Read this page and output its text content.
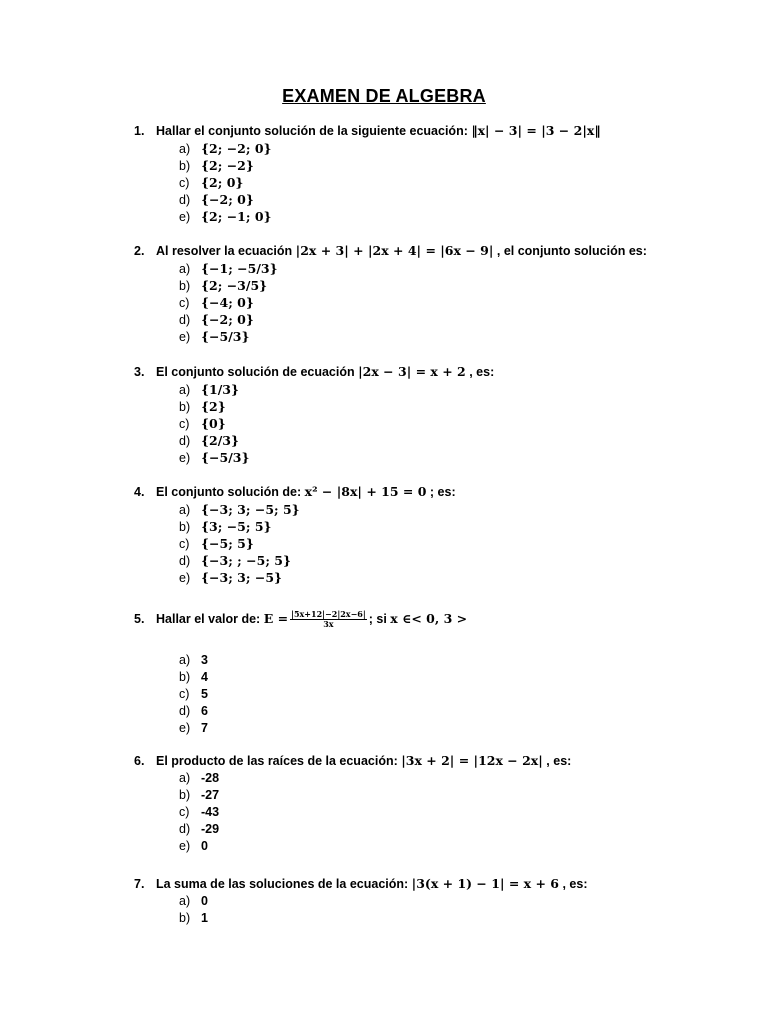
EXAMEN DE ALGEBRA
1. Hallar el conjunto solución de la siguiente ecuación: ‖x| − 3| = |3 − 2|x‖
a) {2; −2; 0}
b) {2; −2}
c) {2; 0}
d) {−2; 0}
e) {2; −1; 0}
2. Al resolver la ecuación |2x + 3| + |2x + 4| = |6x − 9| , el conjunto solución es:
a) {−1; −5/3}
b) {2; −3/5}
c) {−4; 0}
d) {−2; 0}
e) {−5/3}
3. El conjunto solución de ecuación |2x − 3| = x + 2 , es:
a) {1/3}
b) {2}
c) {0}
d) {2/3}
e) {−5/3}
4. El conjunto solución de: x² − |8x| + 15 = 0 ; es:
a) {−3; 3; −5; 5}
b) {3; −5; 5}
c) {−5; 5}
d) {−3; ; −5; 5}
e) {−3; 3; −5}
5. Hallar el valor de: $E = \frac{|5x+12|-2|2x-6|}{3x}$ ; si x ∈< 0, 3 >
a) 3
b) 4
c) 5
d) 6
e) 7
6. El producto de las raíces de la ecuación: |3x + 2| = |12x − 2x| , es:
a) -28
b) -27
c) -43
d) -29
e) 0
7. La suma de las soluciones de la ecuación: |3(x + 1) − 1| = x + 6 , es:
a) 0
b) 1
